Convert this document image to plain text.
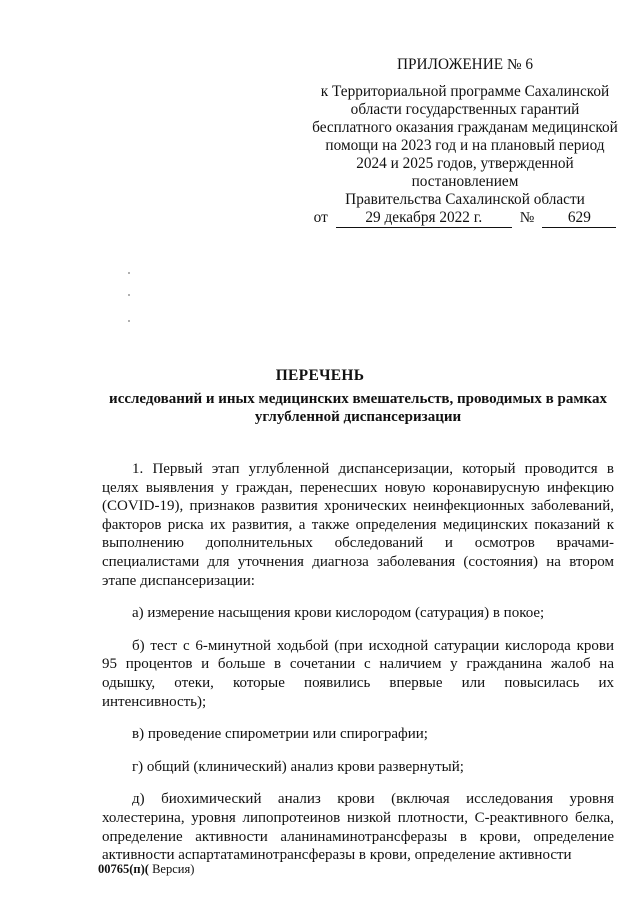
ПРИЛОЖЕНИЕ № 6
к Территориальной программе Сахалинской
области государственных гарантий
бесплатного оказания гражданам медицинской
помощи на 2023 год и на плановый период
2024 и 2025 годов, утвержденной
постановлением
Правительства Сахалинской области
от	29 декабря 2022 г.	№	629
ПЕРЕЧЕНЬ
исследований и иных медицинских вмешательств, проводимых в рамках углубленной диспансеризации

1. Первый этап углубленной диспансеризации, который проводится в целях выявления у граждан, перенесших новую коронавирусную инфекцию (COVID-19), признаков развития хронических неинфекционных заболеваний, факторов риска их развития, а также определения медицинских показаний к выполнению дополнительных обследований и осмотров врачами-специалистами для уточнения диагноза заболевания (состояния) на втором этапе диспансеризации:

а) измерение насыщения крови кислородом (сатурация) в покое;

б) тест с 6-минутной ходьбой (при исходной сатурации кислорода крови 95 процентов и больше в сочетании с наличием у гражданина жалоб на одышку, отеки, которые появились впервые или повысилась их интенсивность);

в) проведение спирометрии или спирографии;

г) общий (клинический) анализ крови развернутый;

д) биохимический анализ крови (включая исследования уровня холестерина, уровня липопротеинов низкой плотности, С-реактивного белка, определение активности аланинаминотрансферазы в крови, определение активности аспартатаминотрансферазы в крови, определение активности

00765(п)( Версия)
